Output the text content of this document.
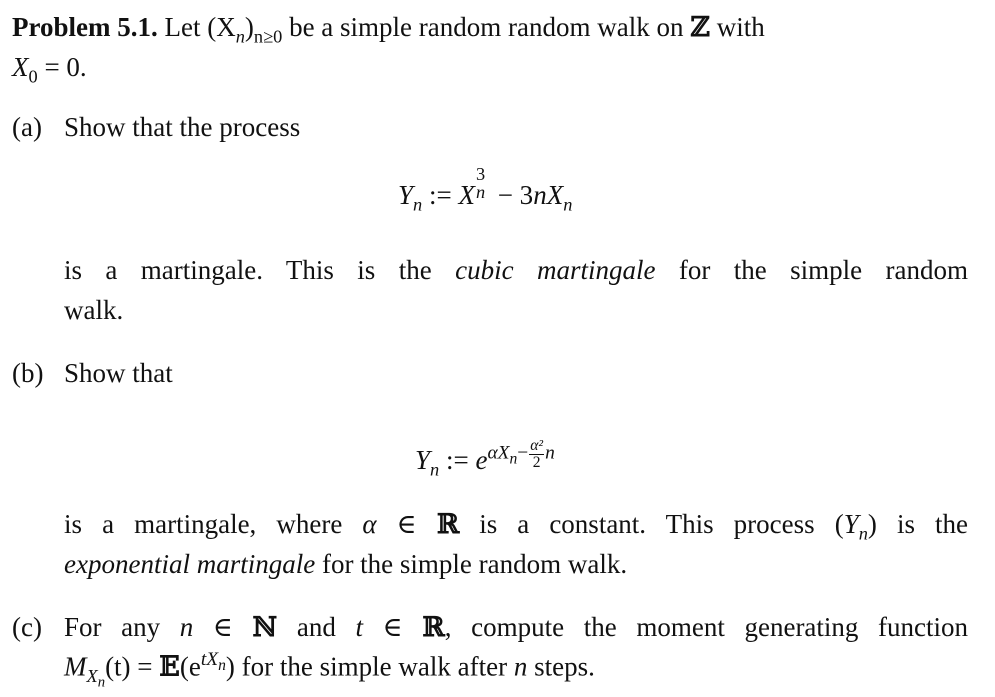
Problem 5.1. Let $(X_n)_{n\ge 0}$ be a simple random random walk on ℤ with
$X_0 = 0$.
(a) Show that the process
$Y_n$ := X
3
$n - 3nX_n$
is a martingale. This is the cubic martingale for the simple random
walk.
(b) Show that
$Y_n$ := $e\alpha X_n- \frac{\text{α²}}{2}$ n
is a martingale, where α ∈ ℝ is a constant. This process $(Y_n)$ is the
exponential martingale for the simple random walk.
(c) For any n ∈ ℕ and t ∈ ℝ, compute the moment generating function
$M_{X_n}(t)$ = 𝔼(etX$_n$) for the simple walk after n steps.
